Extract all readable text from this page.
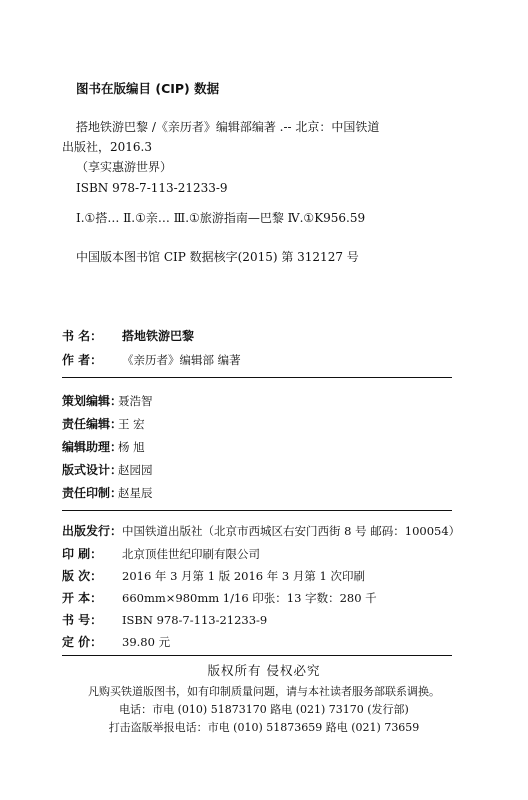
图书在版编目 (CIP) 数据
搭地铁游巴黎 /《亲历者》编辑部编著 .-- 北京：中国铁道
出版社，2016.3
（享实惠游世界）
ISBN 978-7-113-21233-9
Ⅰ.①搭… Ⅱ.①亲… Ⅲ.①旅游指南—巴黎 Ⅳ.①K956.59
中国版本图书馆 CIP 数据核字(2015) 第 312127 号
书 名： 搭地铁游巴黎
作 者： 《亲历者》编辑部 编著
策划编辑：聂浩智
责任编辑：王 宏
编辑助理：杨 旭
版式设计：赵园园
责任印制：赵星辰
出版发行：中国铁道出版社（北京市西城区右安门西街 8 号 邮码：100054）
印 刷： 北京顶佳世纪印刷有限公司
版 次： 2016 年 3 月第 1 版 2016 年 3 月第 1 次印刷
开 本： 660mm×980mm 1/16 印张：13 字数：280 千
书 号： ISBN 978-7-113-21233-9
定 价： 39.80 元
版权所有 侵权必究
凡购买铁道版图书，如有印制质量问题，请与本社读者服务部联系调换。
电话：市电 (010) 51873170 路电 (021) 73170 (发行部)
打击盗版举报电话：市电 (010) 51873659 路电 (021) 73659
